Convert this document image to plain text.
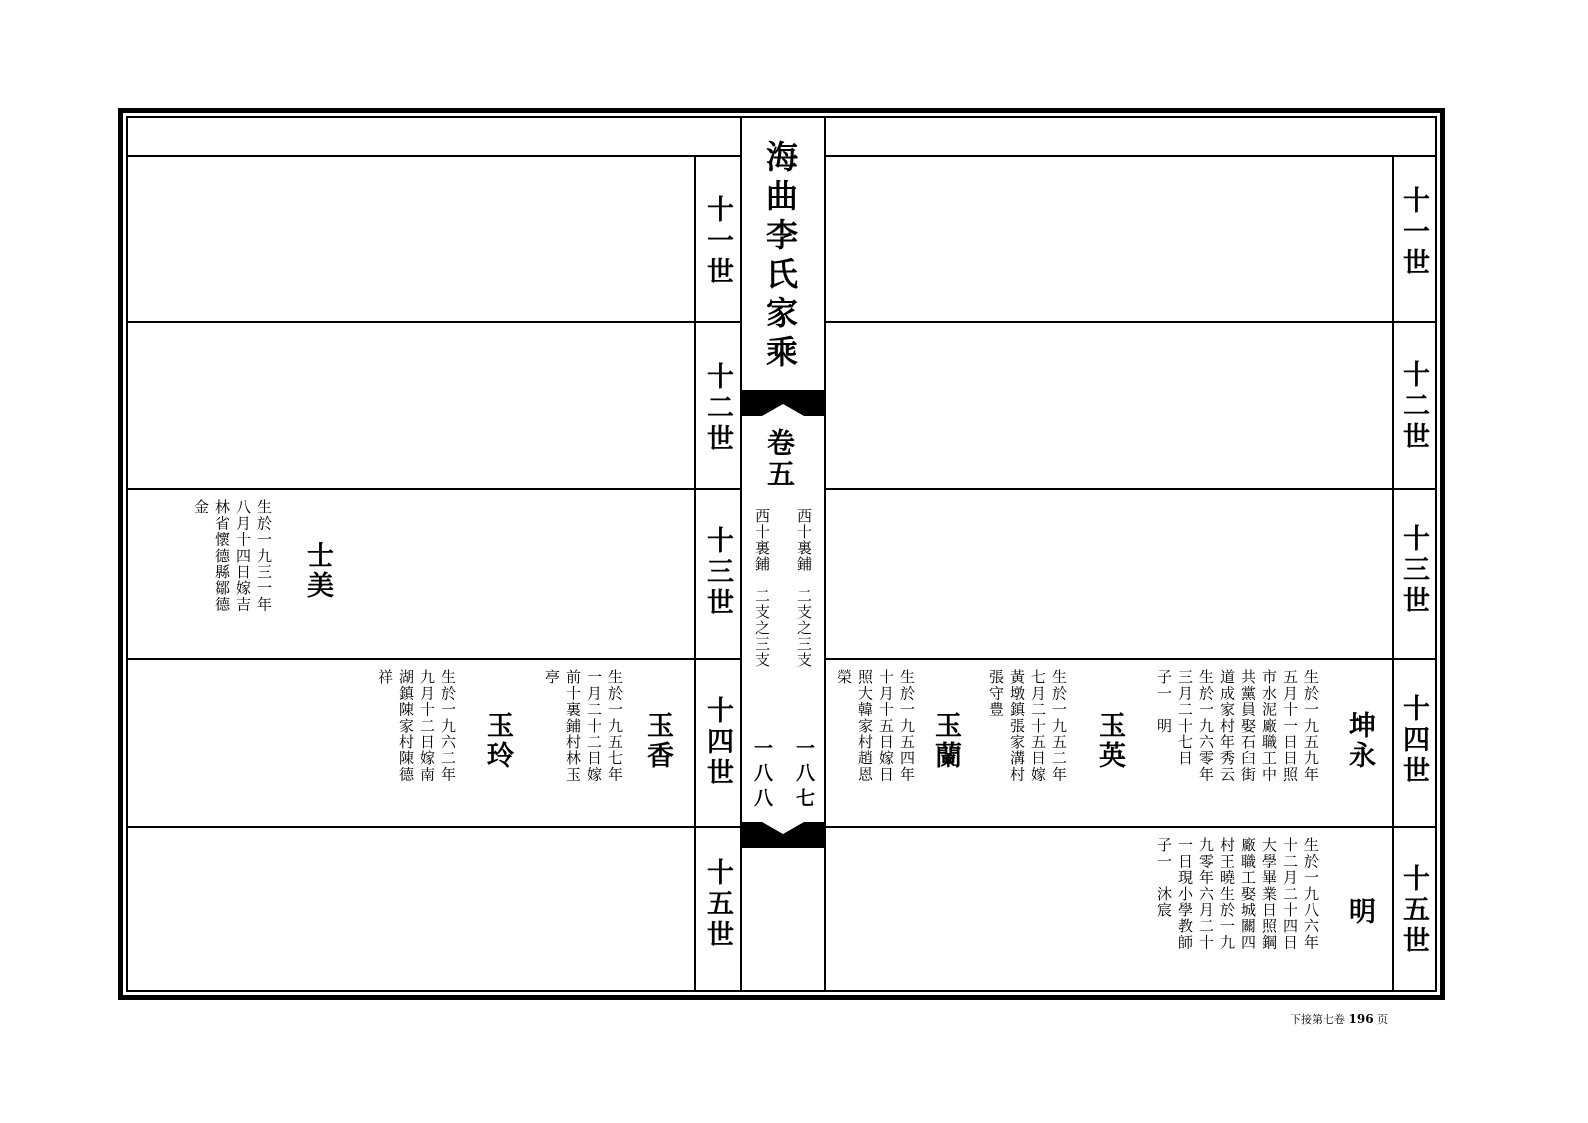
海曲李氏家乘
卷五
西十裏鋪　二支之三支
西十裏鋪　二支之三支
一八七
一八八
十一世
十二世
十三世
十四世
十五世
十一世
十二世
十三世
十四世
十五世
士美
生於一九三一年
八月十四日嫁吉
林省懷德縣鄒德
金
玉香
生於一九五七年
一月二十二日嫁
前十裏鋪村林玉
亭
玉玲
生於一九六二年
九月十二日嫁南
湖鎮陳家村陳德
祥
坤永
生於一九五九年
五月十一日日照
市水泥廠職工中
共黨員娶石臼街
道成家村年秀云
生於一九六零年
三月二十七日
子一　明
玉英
生於一九五二年
七月二十五日嫁
黃墩鎮張家溝村
張守豊
玉蘭
生於一九五四年
十月十五日嫁日
照大韓家村趙恩
榮
明
生於一九八六年
十二月二十四日
大學畢業日照鋼
廠職工娶城關四
村王曉生於一九
九零年六月二十
一日現小學教師
子一　沐宸
下接第七卷 196 页
